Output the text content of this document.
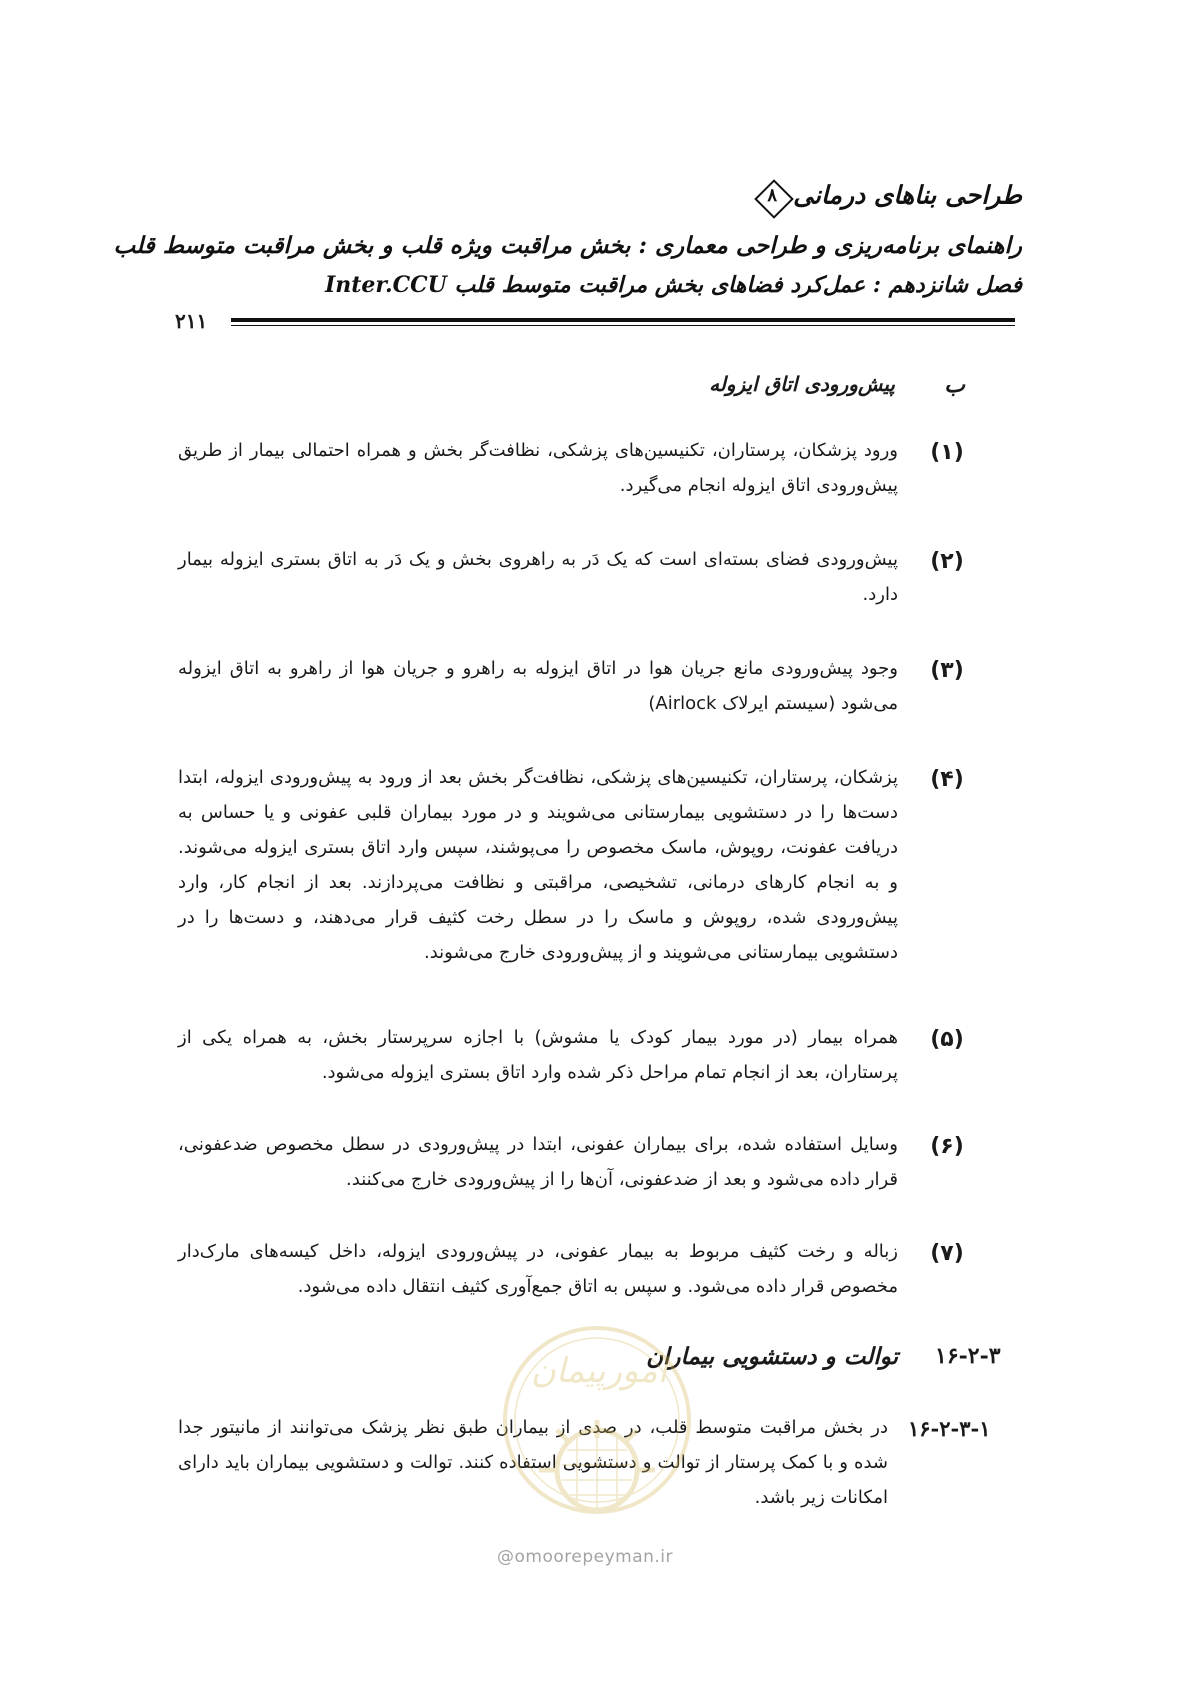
طراحی بناهای درمانی
۸
راهنمای برنامه‌ریزی و طراحی معماری : بخش مراقبت ویژه قلب و بخش مراقبت متوسط قلب
فصل شانزدهم : عمل‌کرد فضاهای بخش مراقبت متوسط قلب Inter.CCU
۲۱۱
ب
پیش‌ورودی اتاق ایزوله
(۱)
ورود پزشکان، پرستاران، تکنیسین‌های پزشکی، نظافت‌گر بخش و همراه احتمالی بیمار از طریق پیش‌ورودی اتاق ایزوله انجام می‌گیرد.
(۲)
پیش‌ورودی فضای بسته‌ای است که یک دَر به راهروی بخش و یک دَر به اتاق بستری ایزوله بیمار دارد.
(۳)
وجود پیش‌ورودی مانع جریان هوا در اتاق ایزوله به راهرو و جریان هوا از راهرو به اتاق ایزوله می‌شود (سیستم ایرلاک Airlock)
(۴)
پزشکان، پرستاران، تکنیسین‌های پزشکی، نظافت‌گر بخش بعد از ورود به پیش‌ورودی ایزوله، ابتدا دست‌ها را در دستشویی بیمارستانی می‌شویند و در مورد بیماران قلبی عفونی و یا حساس به دریافت عفونت، روپوش، ماسک مخصوص را می‌پوشند، سپس وارد اتاق بستری ایزوله می‌شوند. و به انجام کارهای درمانی، تشخیصی، مراقبتی و نظافت می‌پردازند. بعد از انجام کار، وارد پیش‌ورودی شده، روپوش و ماسک را در سطل رخت کثیف قرار می‌دهند، و دست‌ها را در دستشویی بیمارستانی می‌شویند و از پیش‌ورودی خارج می‌شوند.
(۵)
همراه بیمار (در مورد بیمار کودک یا مشوش) با اجازه سرپرستار بخش، به همراه یکی از پرستاران، بعد از انجام تمام مراحل ذکر شده وارد اتاق بستری ایزوله می‌شود.
(۶)
وسایل استفاده شده، برای بیماران عفونی، ابتدا در پیش‌ورودی در سطل مخصوص ضدعفونی، قرار داده می‌شود و بعد از ضدعفونی، آن‌ها را از پیش‌ورودی خارج می‌کنند.
(۷)
زباله و رخت کثیف مربوط به بیمار عفونی، در پیش‌ورودی ایزوله، داخل کیسه‌های مارک‌دار مخصوص قرار داده می‌شود. و سپس به اتاق جمع‌آوری کثیف انتقال داده می‌شود.
۱۶-۲-۳
توالت و دستشویی بیماران
۱۶-۲-۳-۱
در بخش مراقبت متوسط قلب، در صدی از بیماران طبق نظر پزشک می‌توانند از مانیتور جدا شده و با کمک پرستار از توالت و دستشویی استفاده کنند. توالت و دستشویی بیماران باید دارای امکانات زیر باشد.
امورپیمان
@omoorepeyman.ir
